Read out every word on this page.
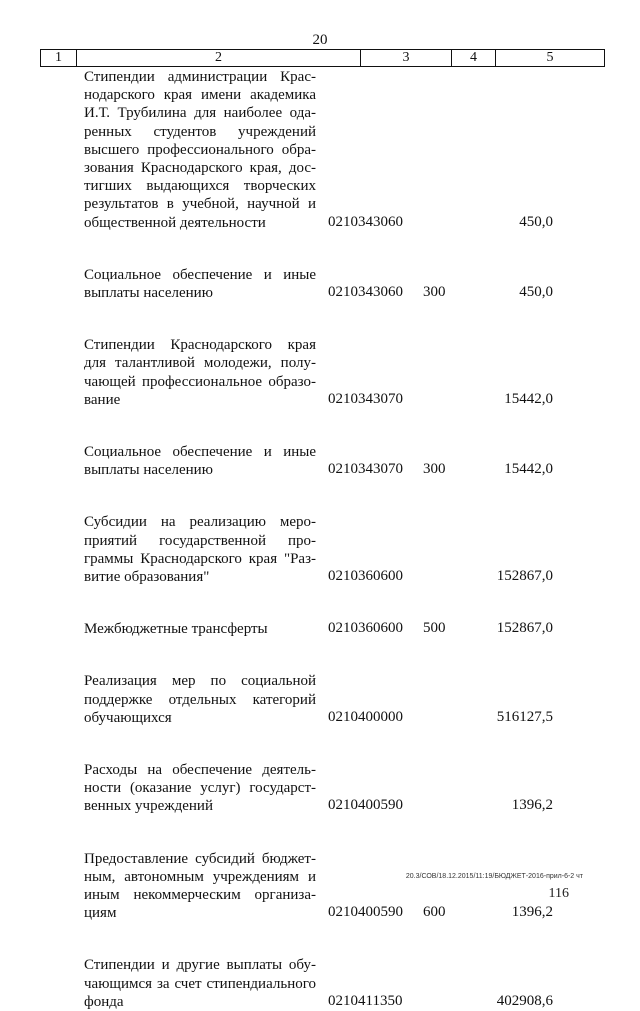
20
1	2	3	4	5
Стипендии администрации Крас-
нодарского края имени академика
И.Т. Трубилина для наиболее ода-
ренных студентов учреждений
высшего профессионального обра-
зования Краснодарского края, дос-
тигших выдающихся творческих
результатов в учебной, научной и
общественной деятельности	0210343060	450,0
Социальное обеспечение и иные
выплаты населению	0210343060 300	450,0
Стипендии Краснодарского края
для талантливой молодежи, полу-
чающей профессиональное образо-
вание	0210343070	15442,0
Социальное обеспечение и иные
выплаты населению	0210343070 300	15442,0
Субсидии на реализацию меро-
приятий государственной про-
граммы Краснодарского края "Раз-
витие образования"	0210360600	152867,0
Межбюджетные трансферты	0210360600 500	152867,0
Реализация мер по социальной
поддержке отдельных категорий
обучающихся	0210400000	516127,5
Расходы на обеспечение деятель-
ности (оказание услуг) государст-
венных учреждений	0210400590	1396,2
Предоставление субсидий бюджет-
ным, автономным учреждениям и
иным некоммерческим организа-
циям	0210400590 600	1396,2
Стипендии и другие выплаты обу-
чающимся за счет стипендиального
фонда	0210411350	402908,6
20.3/СОВ/18.12.2015/11:19/БЮДЖЕТ-2016-прил-6-2 чт
116
